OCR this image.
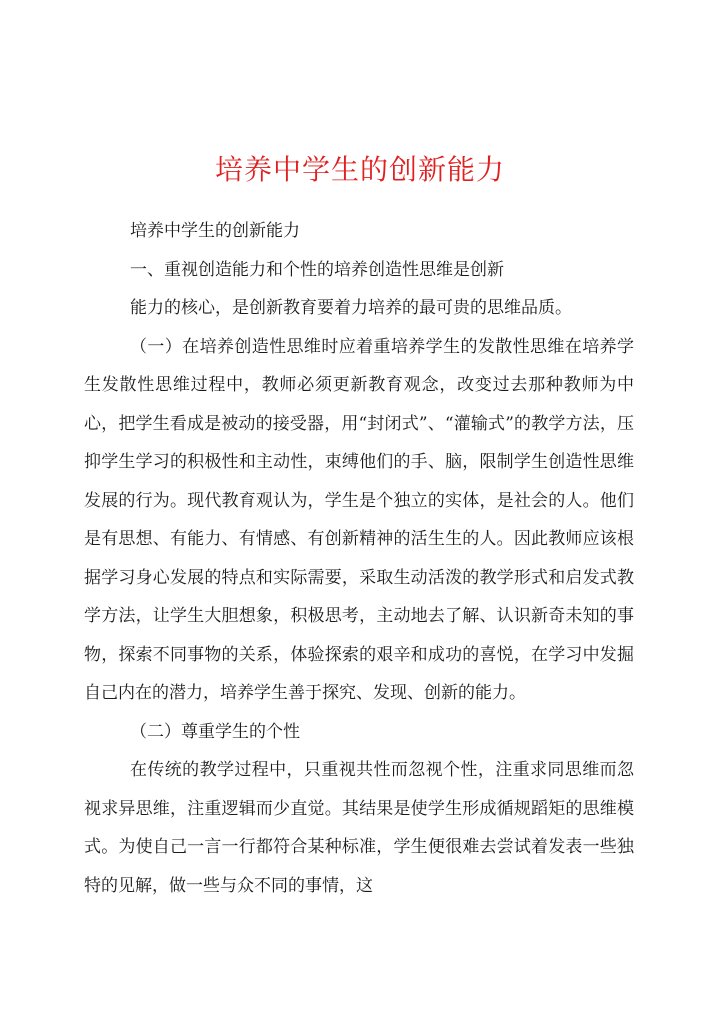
培养中学生的创新能力

培养中学生的创新能力

一、重视创造能力和个性的培养创造性思维是创新

能力的核心，是创新教育要着力培养的最可贵的思维品质。

（一）在培养创造性思维时应着重培养学生的发散性思维在培养学生发散性思维过程中，教师必须更新教育观念，改变过去那种教师为中心，把学生看成是被动的接受器，用“封闭式”、“灌输式”的教学方法，压抑学生学习的积极性和主动性，束缚他们的手、脑，限制学生创造性思维发展的行为。现代教育观认为，学生是个独立的实体，是社会的人。他们是有思想、有能力、有情感、有创新精神的活生生的人。因此教师应该根据学习身心发展的特点和实际需要，采取生动活泼的教学形式和启发式教学方法，让学生大胆想象，积极思考，主动地去了解、认识新奇未知的事物，探索不同事物的关系，体验探索的艰辛和成功的喜悦，在学习中发掘自己内在的潜力，培养学生善于探究、发现、创新的能力。

（二）尊重学生的个性

在传统的教学过程中，只重视共性而忽视个性，注重求同思维而忽视求异思维，注重逻辑而少直觉。其结果是使学生形成循规蹈矩的思维模式。为使自己一言一行都符合某种标准，学生便很难去尝试着发表一些独特的见解，做一些与众不同的事情，这
